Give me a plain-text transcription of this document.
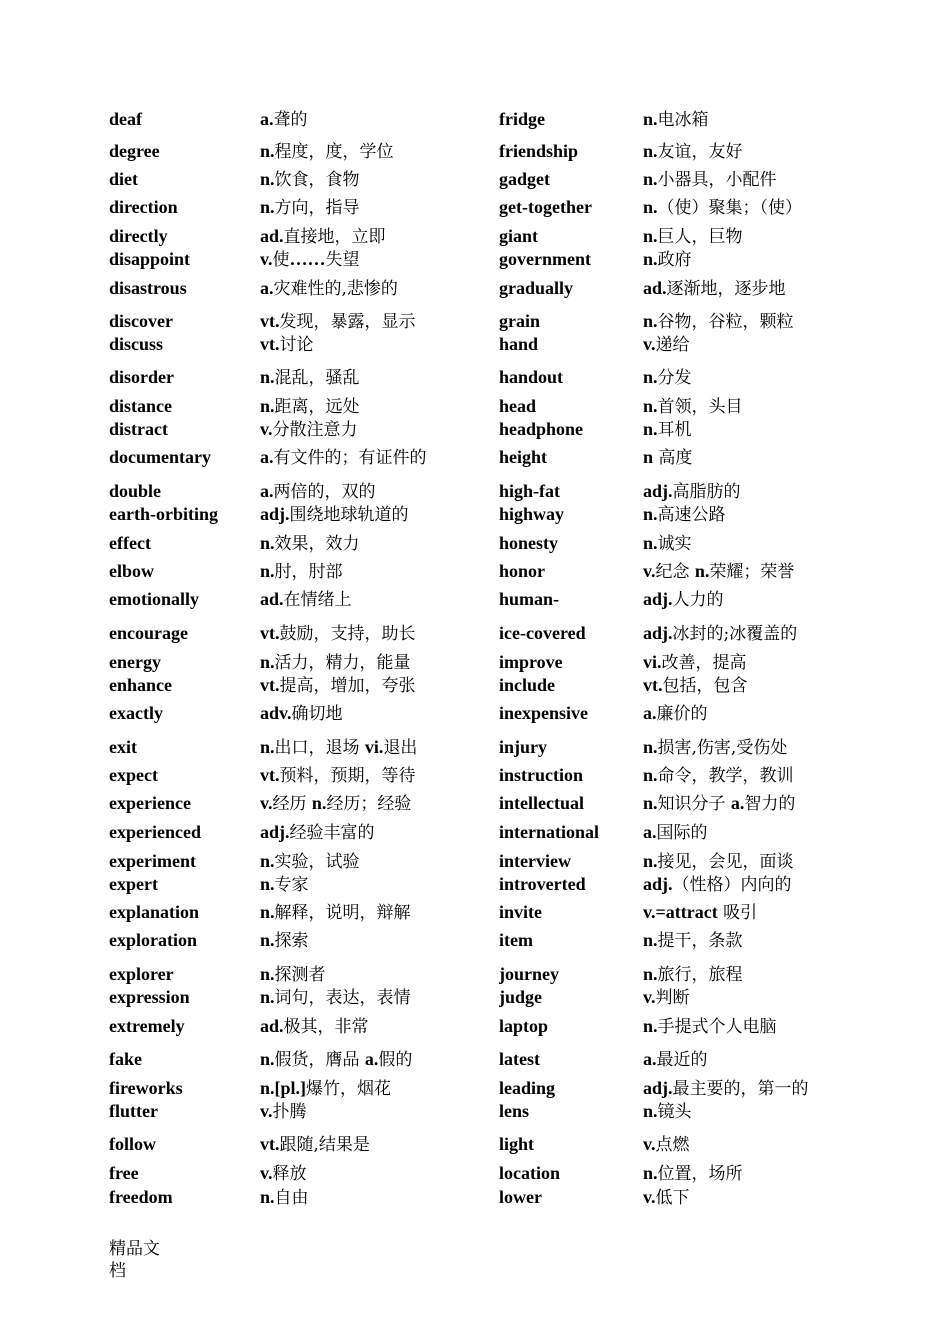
deaf	a.聋的	fridge	n.电冰箱
degree	n.程度，度，学位	friendship	n.友谊，友好
diet	n.饮食，食物	gadget	n.小器具，小配件
direction	n.方向，指导	get-together	n.（使）聚集；（使）
directly	ad.直接地，立即	giant	n.巨人，巨物
disappoint	v.使……失望	government	n.政府
disastrous	a.灾难性的,悲惨的	gradually	ad.逐渐地，逐步地
discover	vt.发现，暴露，显示	grain	n.谷物，谷粒，颗粒
discuss	vt.讨论	hand	v.递给
disorder	n.混乱，骚乱	handout	n.分发
distance	n.距离，远处	head	n.首领，头目
distract	v.分散注意力	headphone	n.耳机
documentary	a.有文件的；有证件的	height	n 高度
double	a.两倍的，双的	high-fat	adj.高脂肪的
earth-orbiting	adj.围绕地球轨道的	highway	n.高速公路
effect	n.效果，效力	honesty	n.诚实
elbow	n.肘，肘部	honor	v.纪念 n.荣耀；荣誉
emotionally	ad.在情绪上	human-	adj.人力的
encourage	vt.鼓励，支持，助长	ice-covered	adj.冰封的;冰覆盖的
energy	n.活力，精力，能量	improve	vi.改善，提高
enhance	vt.提高，增加，夸张	include	vt.包括，包含
exactly	adv.确切地	inexpensive	a.廉价的
exit	n.出口，退场 vi.退出	injury	n.损害,伤害,受伤处
expect	vt.预料，预期，等待	instruction	n.命令，教学，教训
experience	v.经历 n.经历；经验	intellectual	n.知识分子 a.智力的
experienced	adj.经验丰富的	international	a.国际的
experiment	n.实验，试验	interview	n.接见，会见，面谈
expert	n.专家	introverted	adj.（性格）内向的
explanation	n.解释，说明，辩解	invite	v.=attract 吸引
exploration	n.探索	item	n.提干，条款
explorer	n.探测者	journey	n.旅行，旅程
expression	n.词句，表达，表情	judge	v.判断
extremely	ad.极其，非常	laptop	n.手提式个人电脑
fake	n.假货，膺品 a.假的	latest	a.最近的
fireworks	n.[pl.]爆竹，烟花	leading	adj.最主要的，第一的
flutter	v.扑腾	lens	n.镜头
follow	vt.跟随,结果是	light	v.点燃
free	v.释放	location	n.位置，场所
freedom	n.自由	lower	v.低下
精品文档
